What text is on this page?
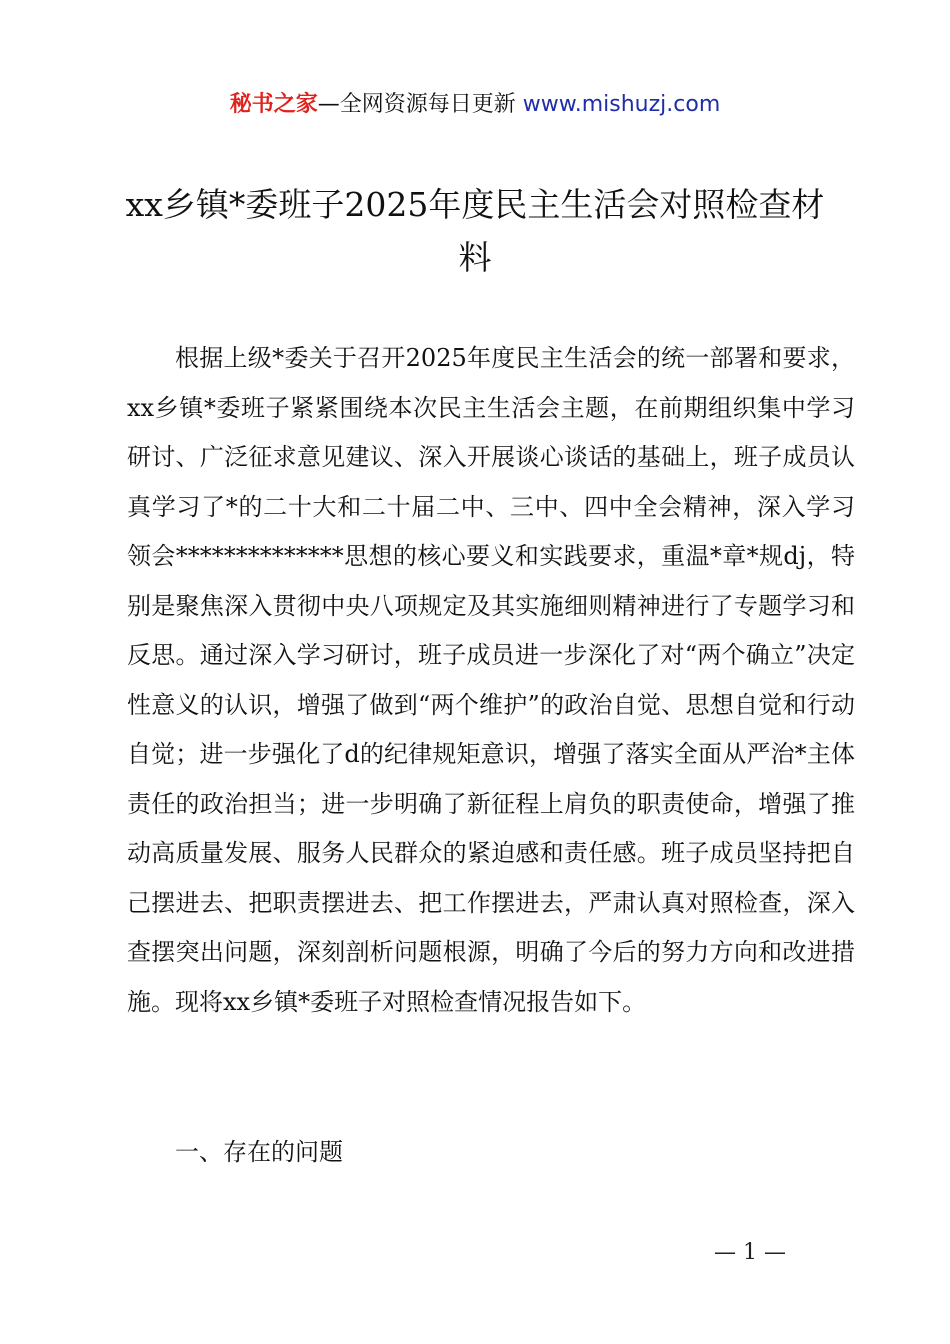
秘书之家—全网资源每日更新 www.mishuzj.com
xx乡镇*委班子2025年度民主生活会对照检查材料

根据上级*委关于召开2025年度民主生活会的统一部署和要求，xx乡镇*委班子紧紧围绕本次民主生活会主题，在前期组织集中学习研讨、广泛征求意见建议、深入开展谈心谈话的基础上，班子成员认真学习了*的二十大和二十届二中、三中、四中全会精神，深入学习领会**************思想的核心要义和实践要求，重温*章*规dj，特别是聚焦深入贯彻中央八项规定及其实施细则精神进行了专题学习和反思。通过深入学习研讨，班子成员进一步深化了对“两个确立”决定性意义的认识，增强了做到“两个维护”的政治自觉、思想自觉和行动自觉；进一步强化了d的纪律规矩意识，增强了落实全面从严治*主体责任的政治担当；进一步明确了新征程上肩负的职责使命，增强了推动高质量发展、服务人民群众的紧迫感和责任感。班子成员坚持把自己摆进去、把职责摆进去、把工作摆进去，严肃认真对照检查，深入查摆突出问题，深刻剖析问题根源，明确了今后的努力方向和改进措施。现将xx乡镇*委班子对照检查情况报告如下。

一、存在的问题
— 1 —
